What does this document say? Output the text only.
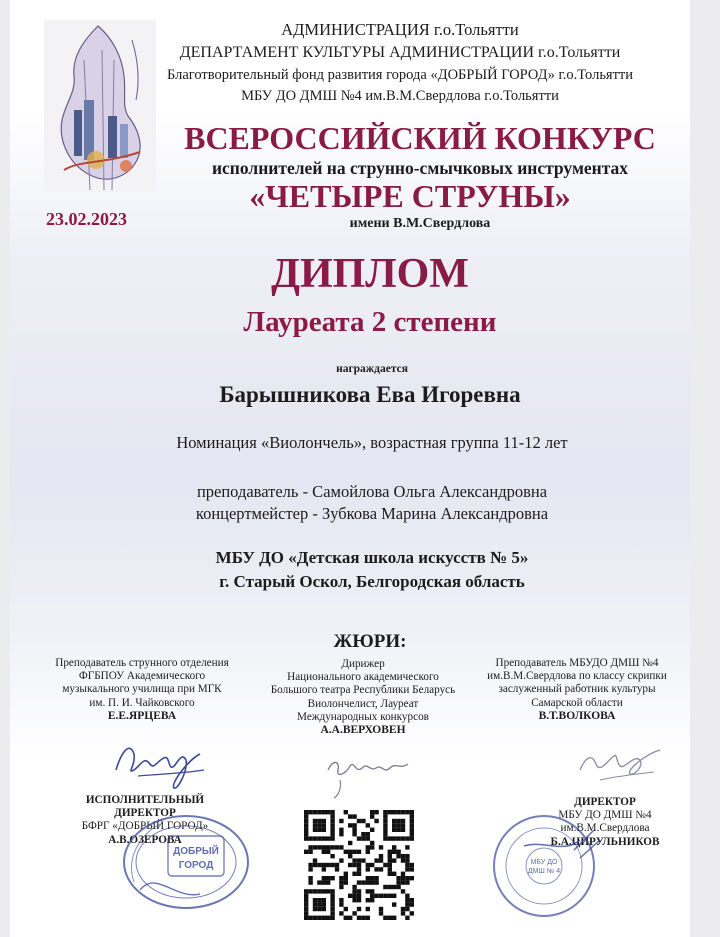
АДМИНИСТРАЦИЯ г.о.Тольятти
ДЕПАРТАМЕНТ КУЛЬТУРЫ АДМИНИСТРАЦИИ г.о.Тольятти
Благотворительный фонд развития города «ДОБРЫЙ ГОРОД» г.о.Тольятти
МБУ ДО ДМШ №4 им.В.М.Свердлова г.о.Тольятти
23.02.2023
ВСЕРОССИЙСКИЙ КОНКУРС
исполнителей на струнно-смычковых инструментах
«ЧЕТЫРЕ СТРУНЫ»
имени В.М.Свердлова
ДИПЛОМ
Лауреата 2 степени
награждается
Барышникова Ева Игоревна
Номинация «Виолончель», возрастная группа 11-12 лет
преподаватель - Самойлова Ольга Александровна
концертмейстер - Зубкова Марина Александровна
МБУ ДО «Детская школа искусств № 5»
г. Старый Оскол, Белгородская область
ЖЮРИ:
Преподаватель струнного отделения
ФГБПОУ Академического
музыкального училища при МГК
им. П. И. Чайковского
Е.Е.ЯРЦЕВА
Дирижер
Национального академического
Большого театра Республики Беларусь
Виолончелист, Лауреат
Международных конкурсов
А.А.ВЕРХОВЕН
Преподаватель МБУДО ДМШ №4
им.В.М.Свердлова по классу скрипки
заслуженный работник культуры
Самарской области
В.Т.ВОЛКОВА
ИСПОЛНИТЕЛЬНЫЙ
ДИРЕКТОР
БФРГ «ДОБРЫЙ ГОРОД»
А.В.ОЗЕРОВА
ДИРЕКТОР
МБУ ДО ДМШ №4
им.В.М.Свердлова
Б.А.ЦИРУЛЬНИКОВ
ДОБРЫЙ
ГОРОД	МБУ ДО
ДМШ № 4
